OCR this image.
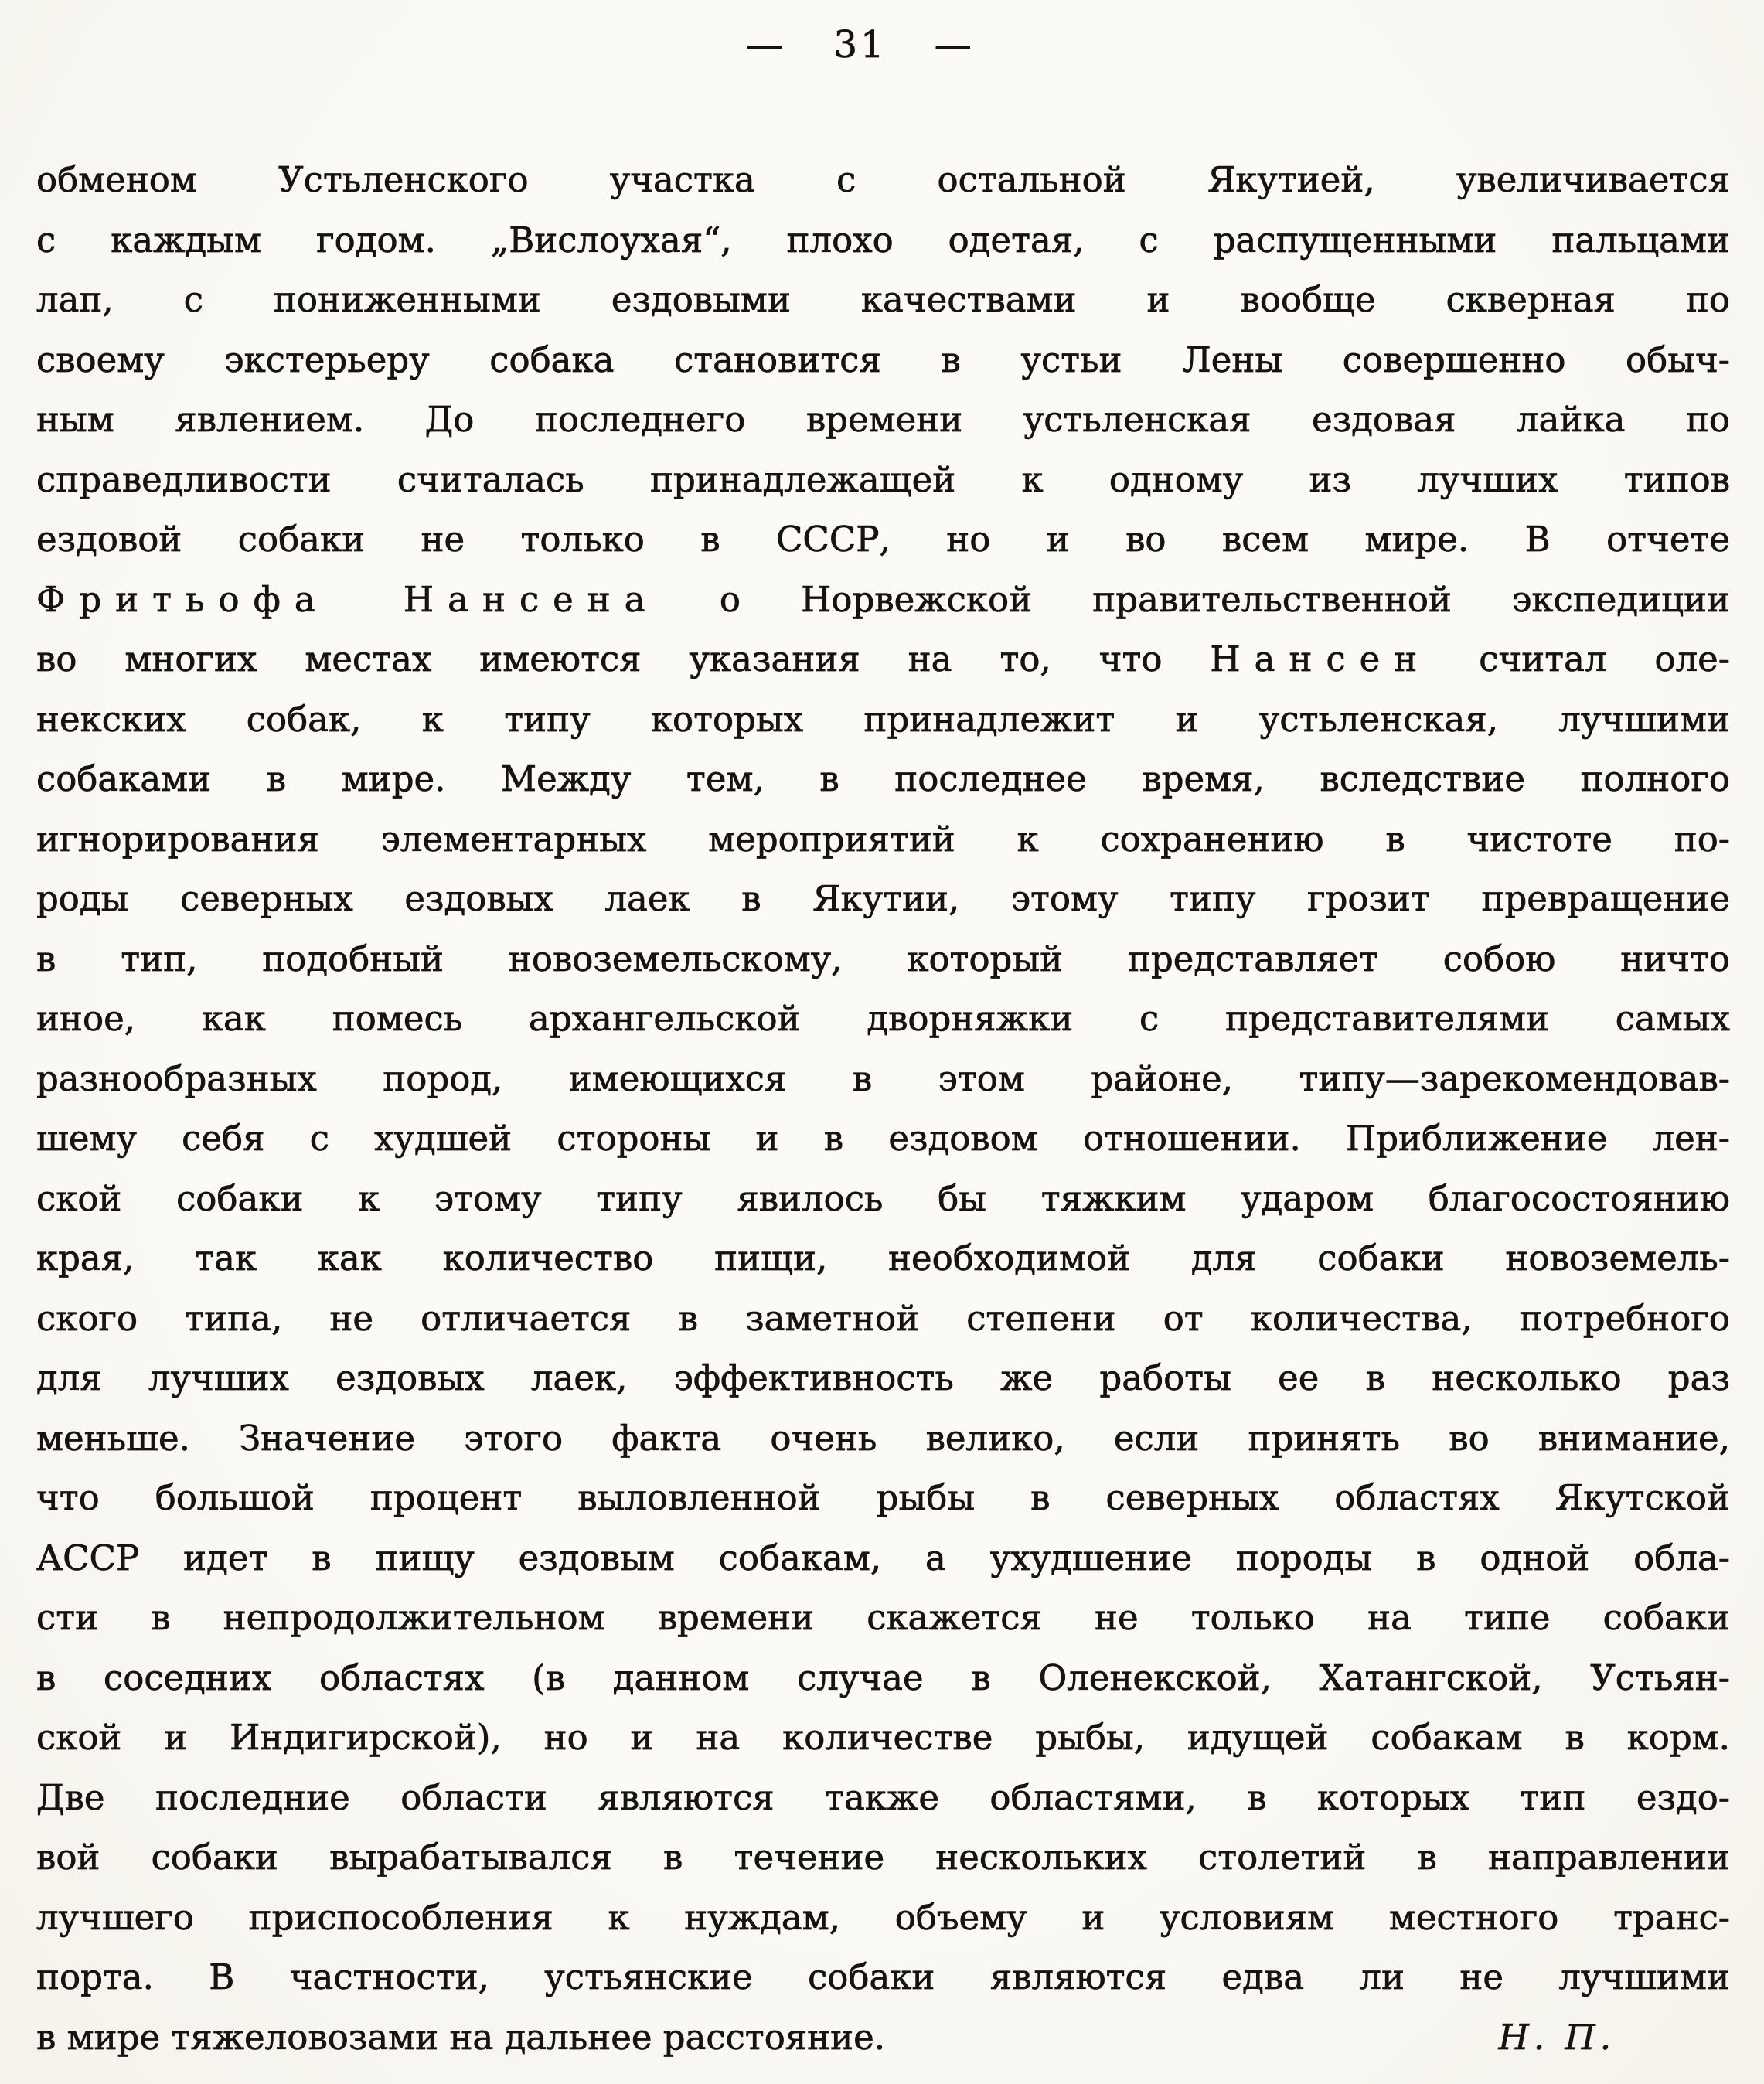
— 31 —
обменом Устьленского участка с остальной Якутией, увеличивается
с каждым годом. „Вислоухая“, плохо одетая, с распущенными пальцами
лап, с пониженными ездовыми качествами и вообще скверная по
своему экстерьеру собака становится в устьи Лены совершенно обыч-
ным явлением. До последнего времени устьленская ездовая лайка по
справедливости считалась принадлежащей к одному из лучших типов
ездовой собаки не только в СССР, но и во всем мире. В отчете
Фритьофа Нансена о Норвежской правительственной экспедиции
во многих местах имеются указания на то, что Нансен считал оле-
некских собак, к типу которых принадлежит и устьленская, лучшими
собаками в мире. Между тем, в последнее время, вследствие полного
игнорирования элементарных мероприятий к сохранению в чистоте по-
роды северных ездовых лаек в Якутии, этому типу грозит превращение
в тип, подобный новоземельскому, который представляет собою ничто
иное, как помесь архангельской дворняжки с представителями самых
разнообразных пород, имеющихся в этом районе, типу—зарекомендовав-
шему себя с худшей стороны и в ездовом отношении. Приближение лен-
ской собаки к этому типу явилось бы тяжким ударом благосостоянию
края, так как количество пищи, необходимой для собаки новоземель-
ского типа, не отличается в заметной степени от количества, потребного
для лучших ездовых лаек, эффективность же работы ее в несколько раз
меньше. Значение этого факта очень велико, если принять во внимание,
что большой процент выловленной рыбы в северных областях Якутской
АССР идет в пищу ездовым собакам, а ухудшение породы в одной обла-
сти в непродолжительном времени скажется не только на типе собаки
в соседних областях (в данном случае в Оленекской, Хатангской, Устьян-
ской и Индигирской), но и на количестве рыбы, идущей собакам в корм.
Две последние области являются также областями, в которых тип ездо-
вой собаки вырабатывался в течение нескольких столетий в направлении
лучшего приспособления к нуждам, объему и условиям местного транс-
порта. В частности, устьянские собаки являются едва ли не лучшими
в мире тяжеловозами на дальнее расстояние.	Н. П.
